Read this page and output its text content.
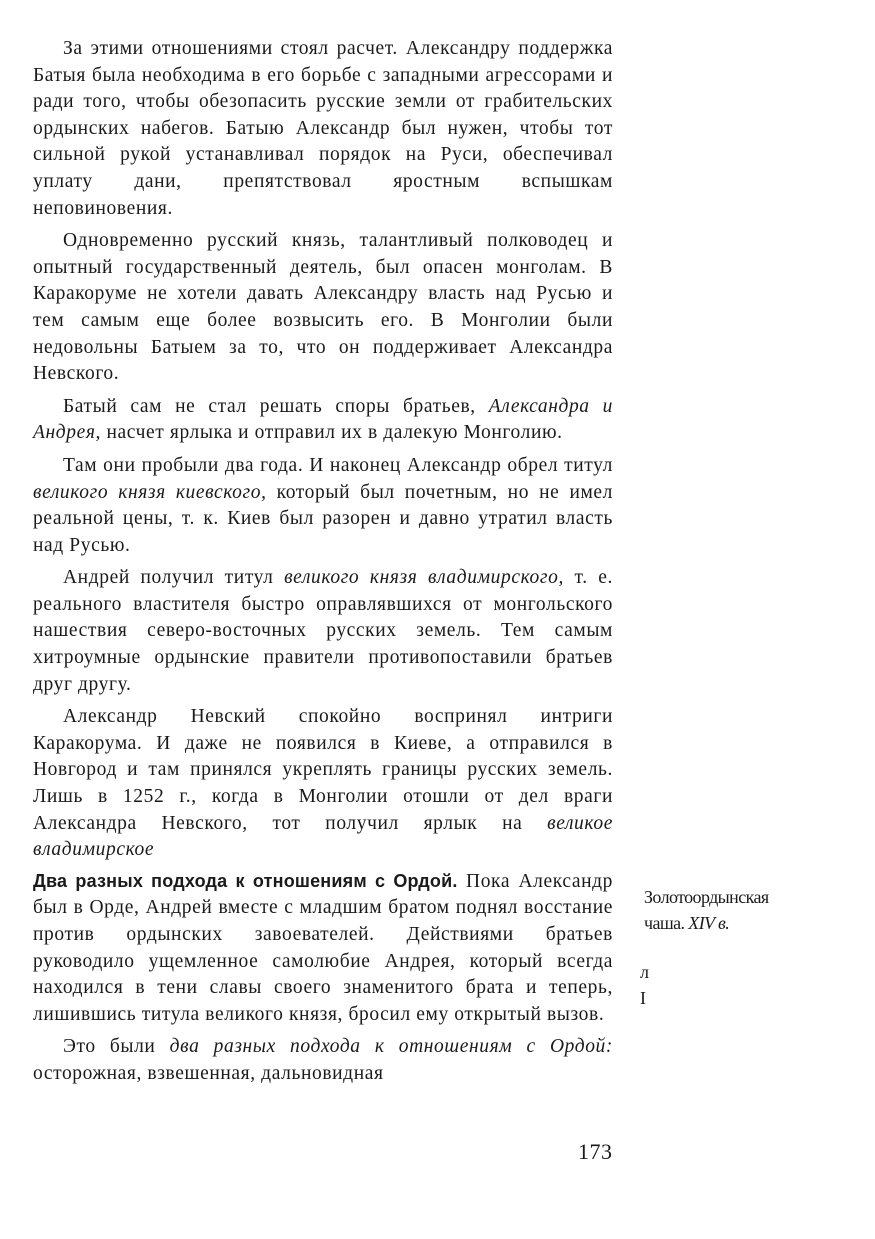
За этими отношениями стоял расчет. Александру поддержка Батыя была необходима в его борьбе с западными агрессорами и ради того, чтобы обезопасить русские земли от грабительских ордынских набегов. Батыю Александр был нужен, чтобы тот сильной рукой устанавливал порядок на Руси, обеспечивал уплату дани, препятствовал яростным вспышкам неповиновения.

Одновременно русский князь, талантливый полководец и опытный государственный деятель, был опасен монголам. В Каракоруме не хотели давать Александру власть над Русью и тем самым еще более возвысить его. В Монголии были недовольны Батыем за то, что он поддерживает Александра Невского.

Батый сам не стал решать споры братьев, Александра и Андрея, насчет ярлыка и отправил их в далекую Монголию.

Там они пробыли два года. И наконец Александр обрел титул великого князя киевского, который был почетным, но не имел реальной цены, т. к. Киев был разорен и давно утратил власть над Русью.

Андрей получил титул великого князя владимирского, т. е. реального властителя быстро оправлявшихся от монгольского нашествия северо-восточных русских земель. Тем самым хитроумные ордынские правители противопоставили братьев друг другу.

Александр Невский спокойно воспринял интриги Каракорума. И даже не появился в Киеве, а отправился в Новгород и там принялся укреплять границы русских земель. Лишь в 1252 г., когда в Монголии отошли от дел враги Александра Невского, тот получил ярлык на великое владимирское

Два разных подхода к отношениям с Ордой. Пока Александр был в Орде, Андрей вместе с младшим братом поднял восстание против ордынских завоевателей. Действиями братьев руководило ущемленное самолюбие Андрея, который всегда находился в тени славы своего знаменитого брата и теперь, лишившись титула великого князя, бросил ему открытый вызов.

Это были два разных подхода к отношениям с Ордой: осторожная, взвешенная, дальновидная

Золотоордынская
чаша. XIV в.
л
I
173
